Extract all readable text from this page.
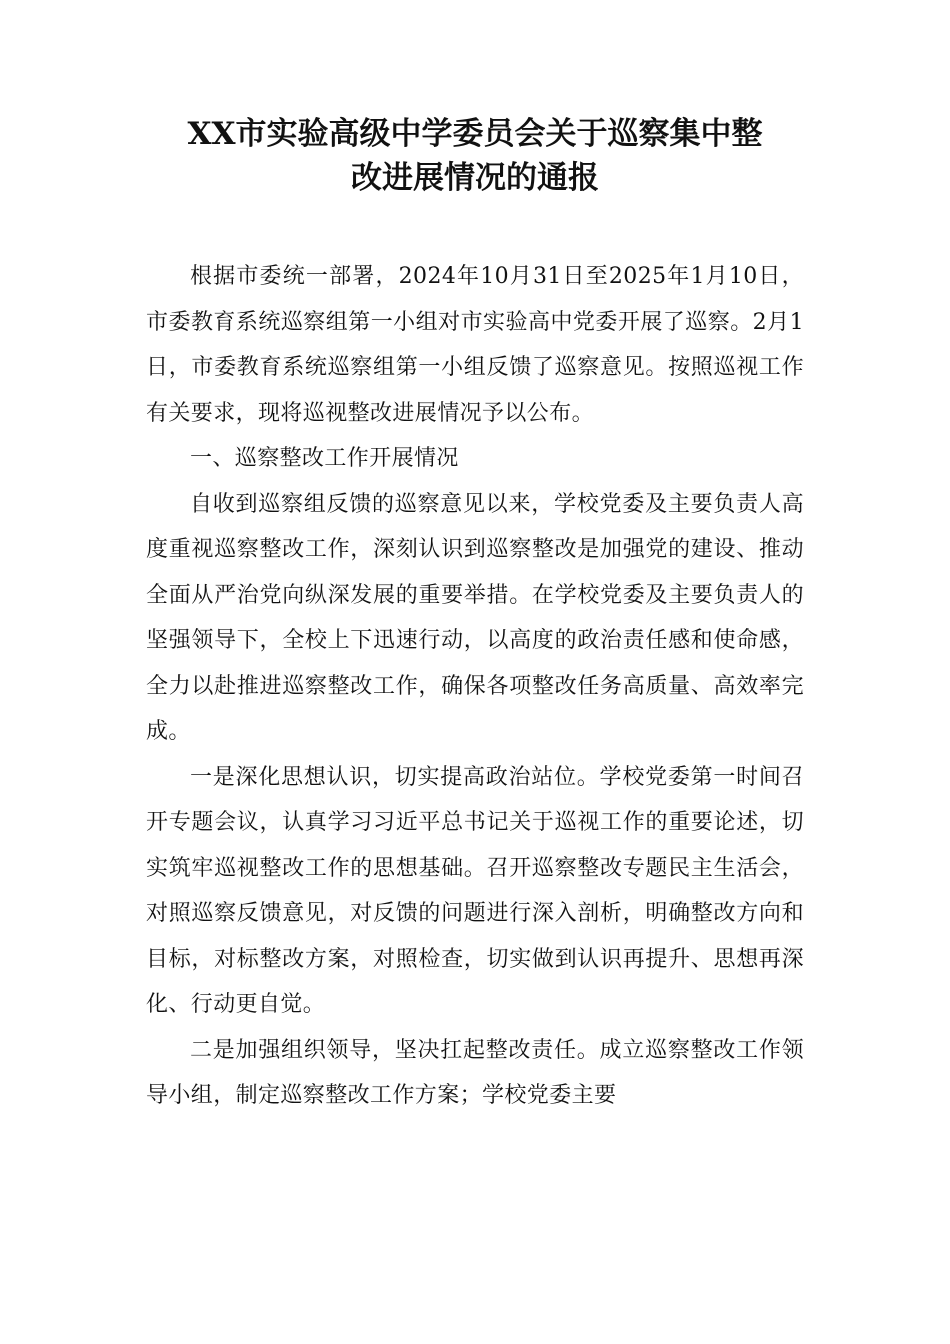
XX市实验高级中学委员会关于巡察集中整
改进展情况的通报

根据市委统一部署，2024年10月31日至2025年1月10日，市委教育系统巡察组第一小组对市实验高中党委开展了巡察。2月1日，市委教育系统巡察组第一小组反馈了巡察意见。按照巡视工作有关要求，现将巡视整改进展情况予以公布。

一、巡察整改工作开展情况

自收到巡察组反馈的巡察意见以来，学校党委及主要负责人高度重视巡察整改工作，深刻认识到巡察整改是加强党的建设、推动全面从严治党向纵深发展的重要举措。在学校党委及主要负责人的坚强领导下，全校上下迅速行动，以高度的政治责任感和使命感，全力以赴推进巡察整改工作，确保各项整改任务高质量、高效率完成。

一是深化思想认识，切实提高政治站位。学校党委第一时间召开专题会议，认真学习习近平总书记关于巡视工作的重要论述，切实筑牢巡视整改工作的思想基础。召开巡察整改专题民主生活会，对照巡察反馈意见，对反馈的问题进行深入剖析，明确整改方向和目标，对标整改方案，对照检查，切实做到认识再提升、思想再深化、行动更自觉。

二是加强组织领导，坚决扛起整改责任。成立巡察整改工作领导小组，制定巡察整改工作方案；学校党委主要
